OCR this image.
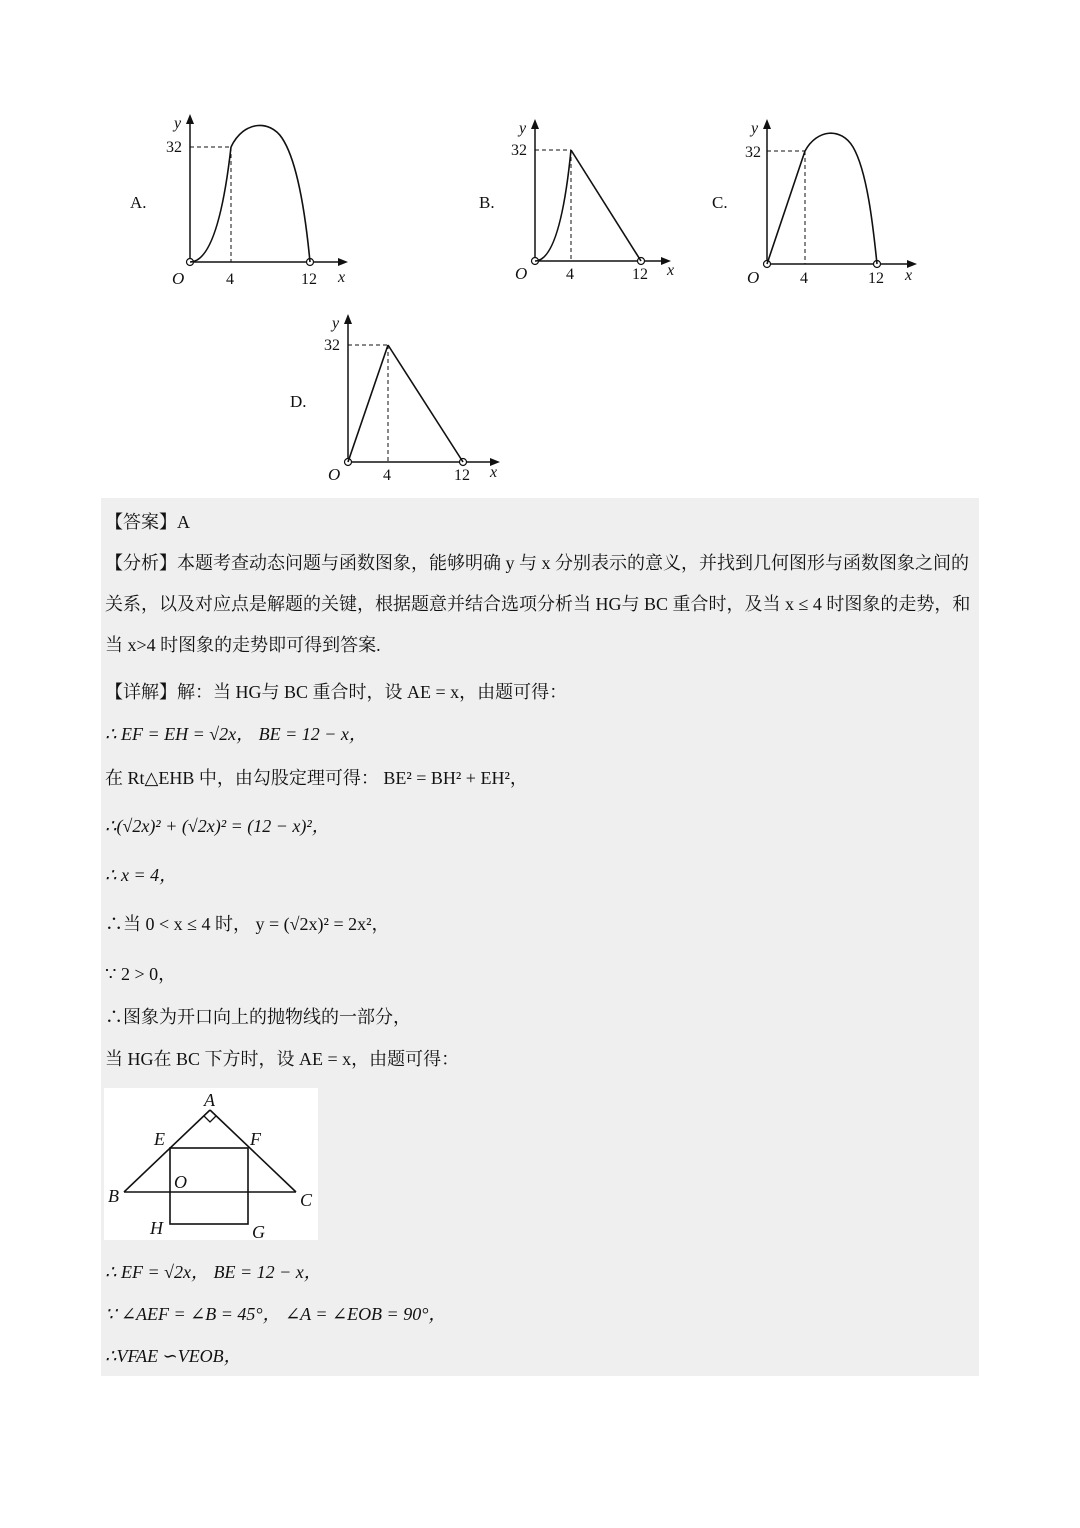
A.	B.	C.
D.
y
32
O	4	12 x
y
32
O 4	12 x
y
32
O	4	12 x
y
32
O	4	12 x
【答案】A
【分析】本题考查动态问题与函数图象，能够明确 y 与 x 分别表示的意义，并找到几何图形与函数图象之间的关系，以及对应点是解题的关键，根据题意并结合选项分析当 HG与 BC 重合时，及当 x ≤ 4 时图象的走势，和当 x>4 时图象的走势即可得到答案.
【详解】解：当 HG与 BC 重合时，设 AE = x，由题可得：
∴ EF = EH = √2x， BE = 12 − x，
在 Rt△EHB 中，由勾股定理可得： BE² = BH² + EH²，
∴(√2x)² + (√2x)² = (12 − x)²，
∴ x = 4，
∴当 0 < x ≤ 4 时， y = (√2x)² = 2x²，
∵ 2 > 0，
∴图象为开口向上的抛物线的一部分，
当 HG在 BC 下方时，设 AE = x，由题可得：
A
E	F
B
O
C
H	G
∴ EF = √2x， BE = 12 − x，
∵ ∠AEF = ∠B = 45°， ∠A = ∠EOB = 90°，
∴VFAE ∽VEOB，
